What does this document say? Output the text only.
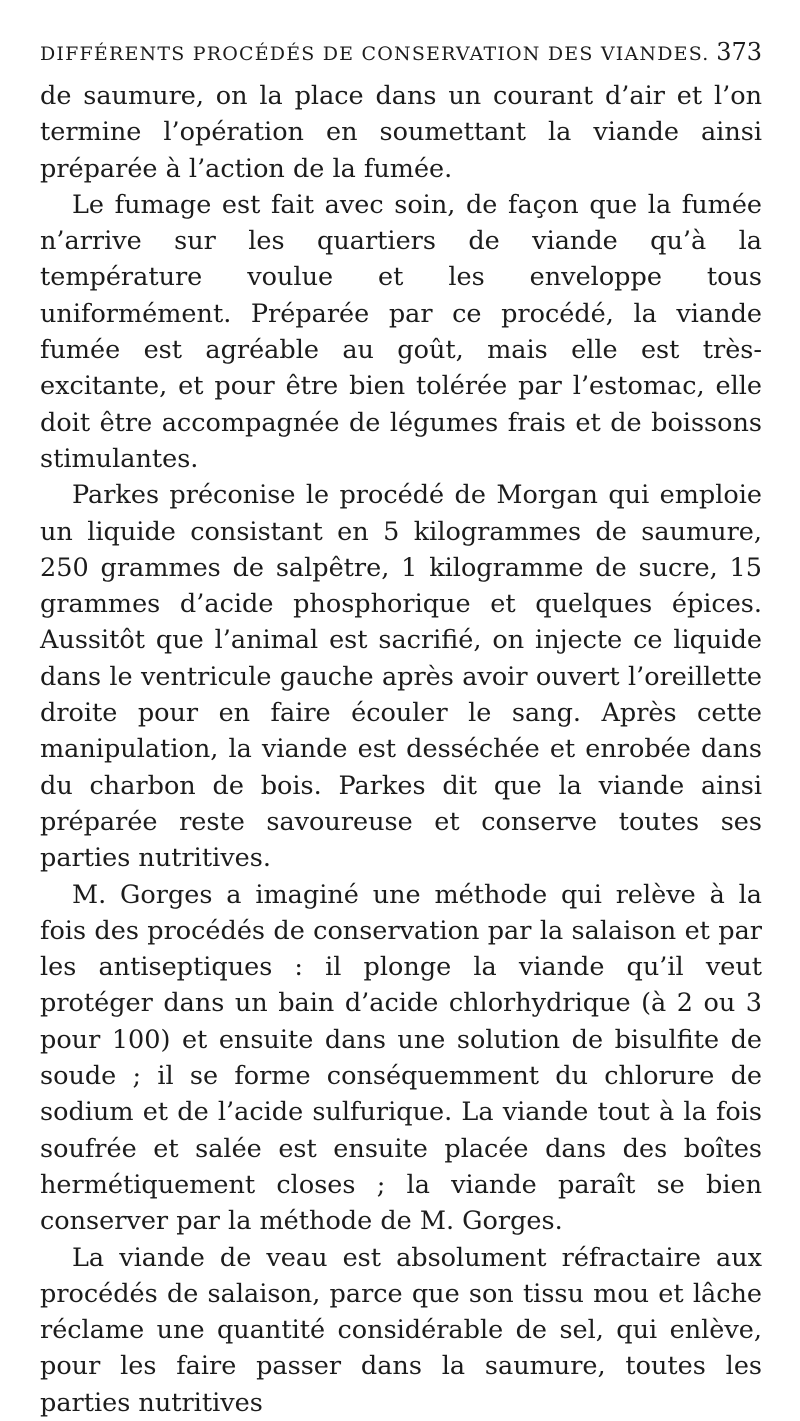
DIFFÉRENTS PROCÉDÉS DE CONSERVATION DES VIANDES. 373

de saumure, on la place dans un courant d’air et l’on termine l’opération en soumettant la viande ainsi préparée à l’action de la fumée.

Le fumage est fait avec soin, de façon que la fumée n’arrive sur les quartiers de viande qu’à la température voulue et les enveloppe tous uniformément. Préparée par ce procédé, la viande fumée est agréable au goût, mais elle est très-excitante, et pour être bien tolérée par l’estomac, elle doit être accompagnée de légumes frais et de boissons stimulantes.

Parkes préconise le procédé de Morgan qui emploie un liquide consistant en 5 kilogrammes de saumure, 250 grammes de salpêtre, 1 kilogramme de sucre, 15 grammes d’acide phosphorique et quelques épices. Aussitôt que l’animal est sacrifié, on injecte ce liquide dans le ventricule gauche après avoir ouvert l’oreillette droite pour en faire écouler le sang. Après cette manipulation, la viande est desséchée et enrobée dans du charbon de bois. Parkes dit que la viande ainsi préparée reste savoureuse et conserve toutes ses parties nutritives.

M. Gorges a imaginé une méthode qui relève à la fois des procédés de conservation par la salaison et par les antiseptiques : il plonge la viande qu’il veut protéger dans un bain d’acide chlorhydrique (à 2 ou 3 pour 100) et ensuite dans une solution de bisulfite de soude ; il se forme conséquemment du chlorure de sodium et de l’acide sulfurique. La viande tout à la fois soufrée et salée est ensuite placée dans des boîtes hermétiquement closes ; la viande paraît se bien conserver par la méthode de M. Gorges.

La viande de veau est absolument réfractaire aux procédés de salaison, parce que son tissu mou et lâche réclame une quantité considérable de sel, qui enlève, pour les faire passer dans la saumure, toutes les parties nutritives
